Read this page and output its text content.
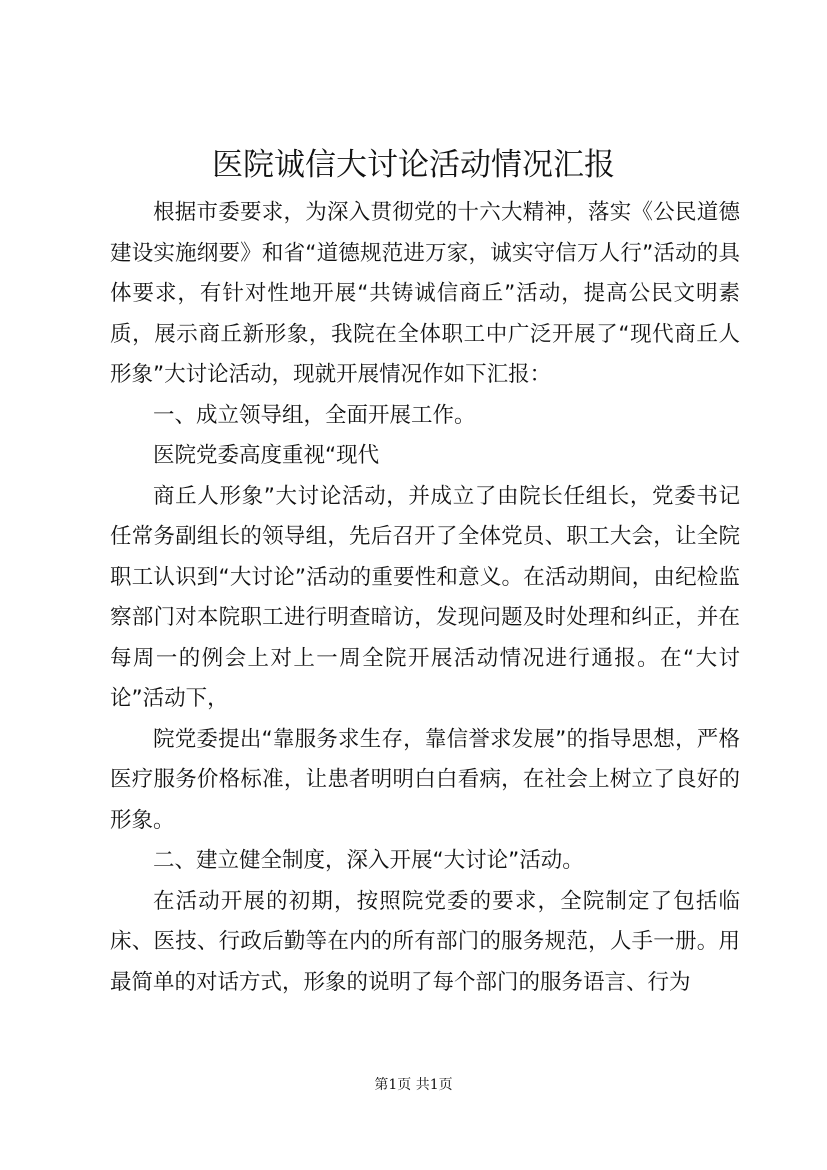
医院诚信大讨论活动情况汇报

根据市委要求，为深入贯彻党的十六大精神，落实《公民道德建设实施纲要》和省“道德规范进万家，诚实守信万人行”活动的具体要求，有针对性地开展“共铸诚信商丘”活动，提高公民文明素质，展示商丘新形象，我院在全体职工中广泛开展了“现代商丘人形象”大讨论活动，现就开展情况作如下汇报：

一、成立领导组，全面开展工作。

医院党委高度重视“现代

商丘人形象”大讨论活动，并成立了由院长任组长，党委书记任常务副组长的领导组，先后召开了全体党员、职工大会，让全院职工认识到“大讨论”活动的重要性和意义。在活动期间，由纪检监察部门对本院职工进行明查暗访，发现问题及时处理和纠正，并在每周一的例会上对上一周全院开展活动情况进行通报。在“大讨论”活动下，

院党委提出“靠服务求生存，靠信誉求发展”的指导思想，严格医疗服务价格标准，让患者明明白白看病，在社会上树立了良好的形象。

二、建立健全制度，深入开展“大讨论”活动。

在活动开展的初期，按照院党委的要求，全院制定了包括临床、医技、行政后勤等在内的所有部门的服务规范，人手一册。用最简单的对话方式，形象的说明了每个部门的服务语言、行为

第1页 共1页
